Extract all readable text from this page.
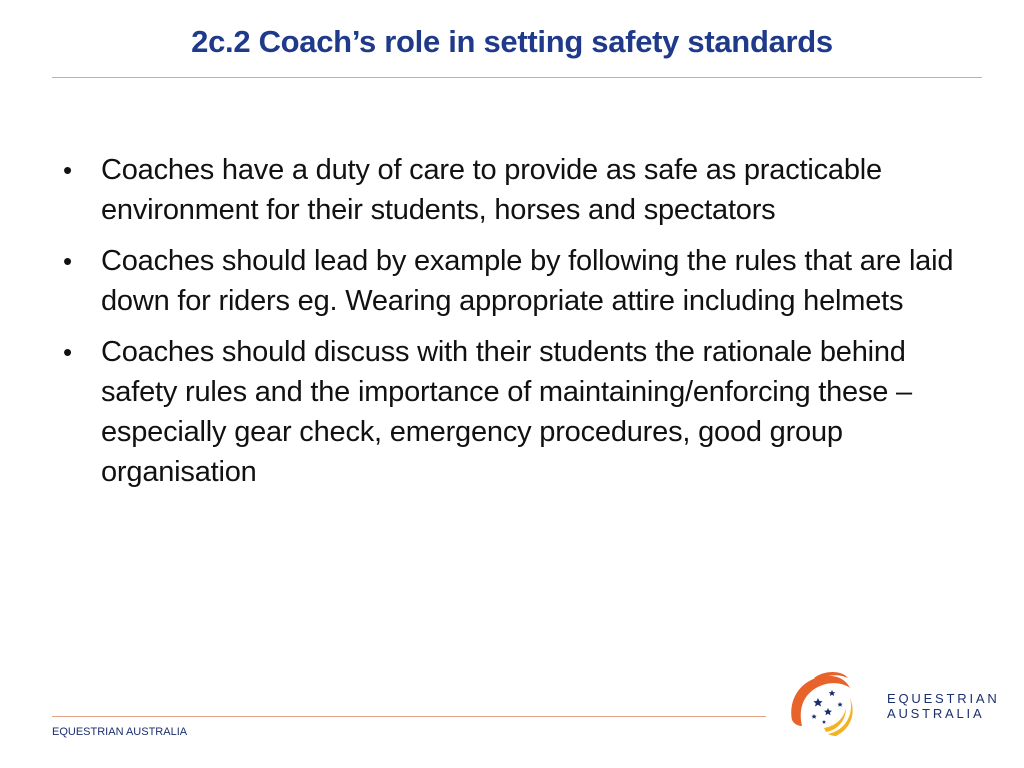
2c.2 Coach’s role in setting safety standards
• Coaches have a duty of care to provide as safe as practicable environment for their students, horses and spectators
• Coaches should lead by example by following the rules that are laid down for riders eg. Wearing appropriate attire including helmets
• Coaches should discuss with their students the rationale behind safety rules and the importance of maintaining/enforcing these – especially gear check, emergency procedures, good group organisation
EQUESTRIAN AUSTRALIA
EQUESTRIAN
AUSTRALIA
